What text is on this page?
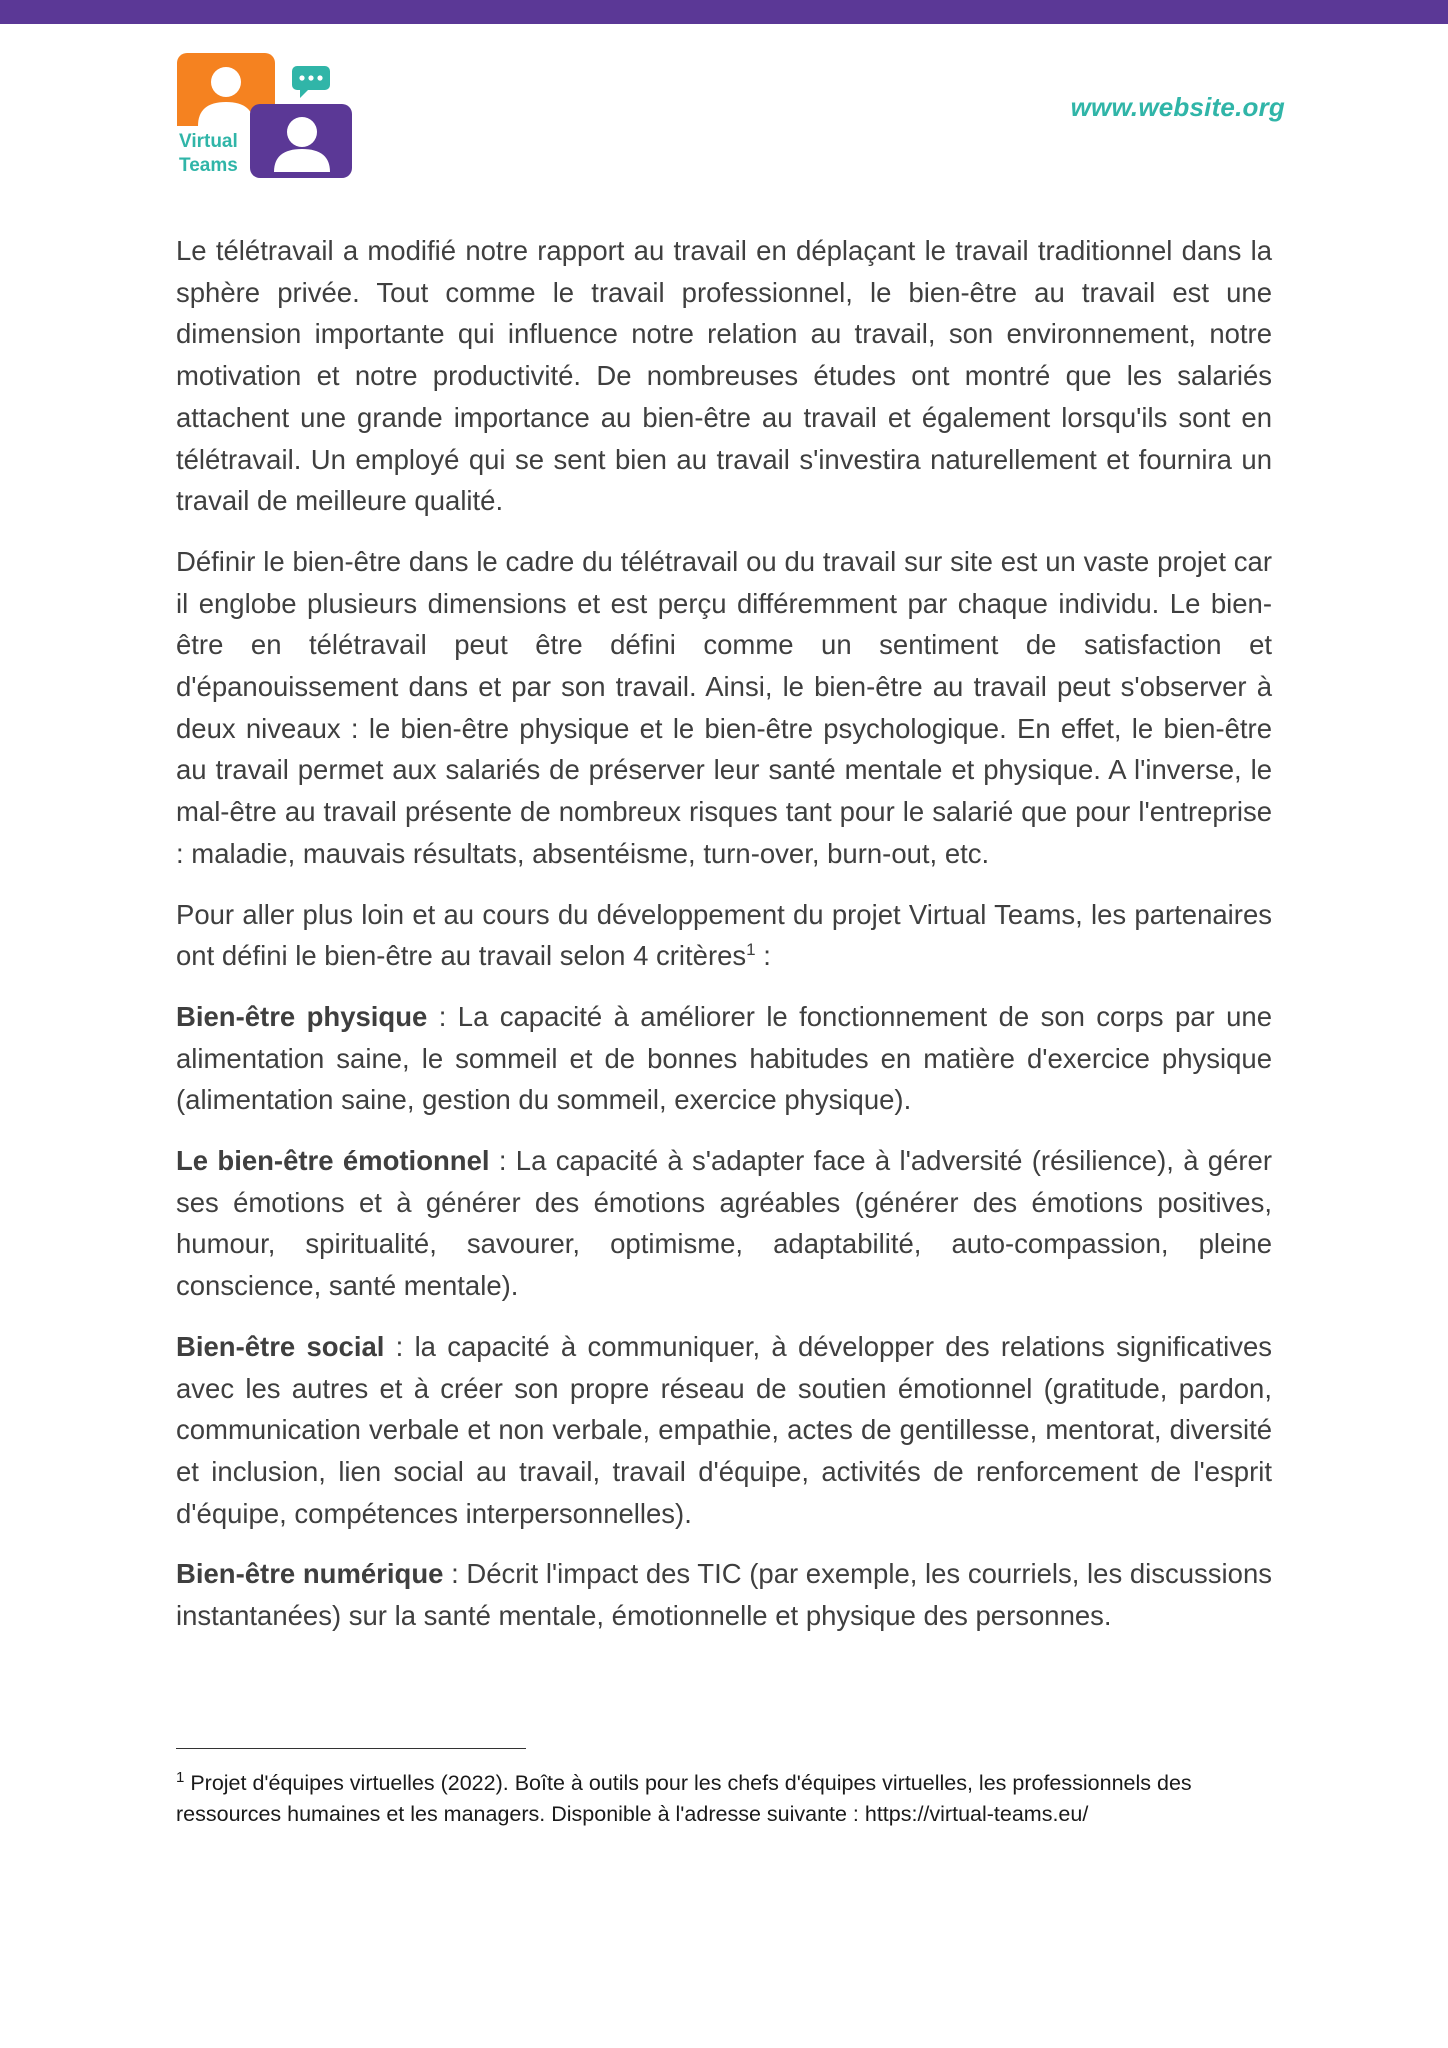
Virtual
Teams
www.website.org

Le télétravail a modifié notre rapport au travail en déplaçant le travail traditionnel dans la sphère privée. Tout comme le travail professionnel, le bien-être au travail est une dimension importante qui influence notre relation au travail, son environnement, notre motivation et notre productivité. De nombreuses études ont montré que les salariés attachent une grande importance au bien-être au travail et également lorsqu'ils sont en télétravail. Un employé qui se sent bien au travail s'investira naturellement et fournira un travail de meilleure qualité.

Définir le bien-être dans le cadre du télétravail ou du travail sur site est un vaste projet car il englobe plusieurs dimensions et est perçu différemment par chaque individu. Le bien-être en télétravail peut être défini comme un sentiment de satisfaction et d'épanouissement dans et par son travail. Ainsi, le bien-être au travail peut s'observer à deux niveaux : le bien-être physique et le bien-être psychologique. En effet, le bien-être au travail permet aux salariés de préserver leur santé mentale et physique. A l'inverse, le mal-être au travail présente de nombreux risques tant pour le salarié que pour l'entreprise : maladie, mauvais résultats, absentéisme, turn-over, burn-out, etc.

Pour aller plus loin et au cours du développement du projet Virtual Teams, les partenaires ont défini le bien-être au travail selon 4 critères$^1$ :

Bien-être physique : La capacité à améliorer le fonctionnement de son corps par une alimentation saine, le sommeil et de bonnes habitudes en matière d'exercice physique (alimentation saine, gestion du sommeil, exercice physique).

Le bien-être émotionnel : La capacité à s'adapter face à l'adversité (résilience), à gérer ses émotions et à générer des émotions agréables (générer des émotions positives, humour, spiritualité, savourer, optimisme, adaptabilité, auto-compassion, pleine conscience, santé mentale).

Bien-être social : la capacité à communiquer, à développer des relations significatives avec les autres et à créer son propre réseau de soutien émotionnel (gratitude, pardon, communication verbale et non verbale, empathie, actes de gentillesse, mentorat, diversité et inclusion, lien social au travail, travail d'équipe, activités de renforcement de l'esprit d'équipe, compétences interpersonnelles).

Bien-être numérique : Décrit l'impact des TIC (par exemple, les courriels, les discussions instantanées) sur la santé mentale, émotionnelle et physique des personnes.

$^1$ Projet d'équipes virtuelles (2022). Boîte à outils pour les chefs d'équipes virtuelles, les professionnels des ressources humaines et les managers. Disponible à l'adresse suivante : https://virtual-teams.eu/
